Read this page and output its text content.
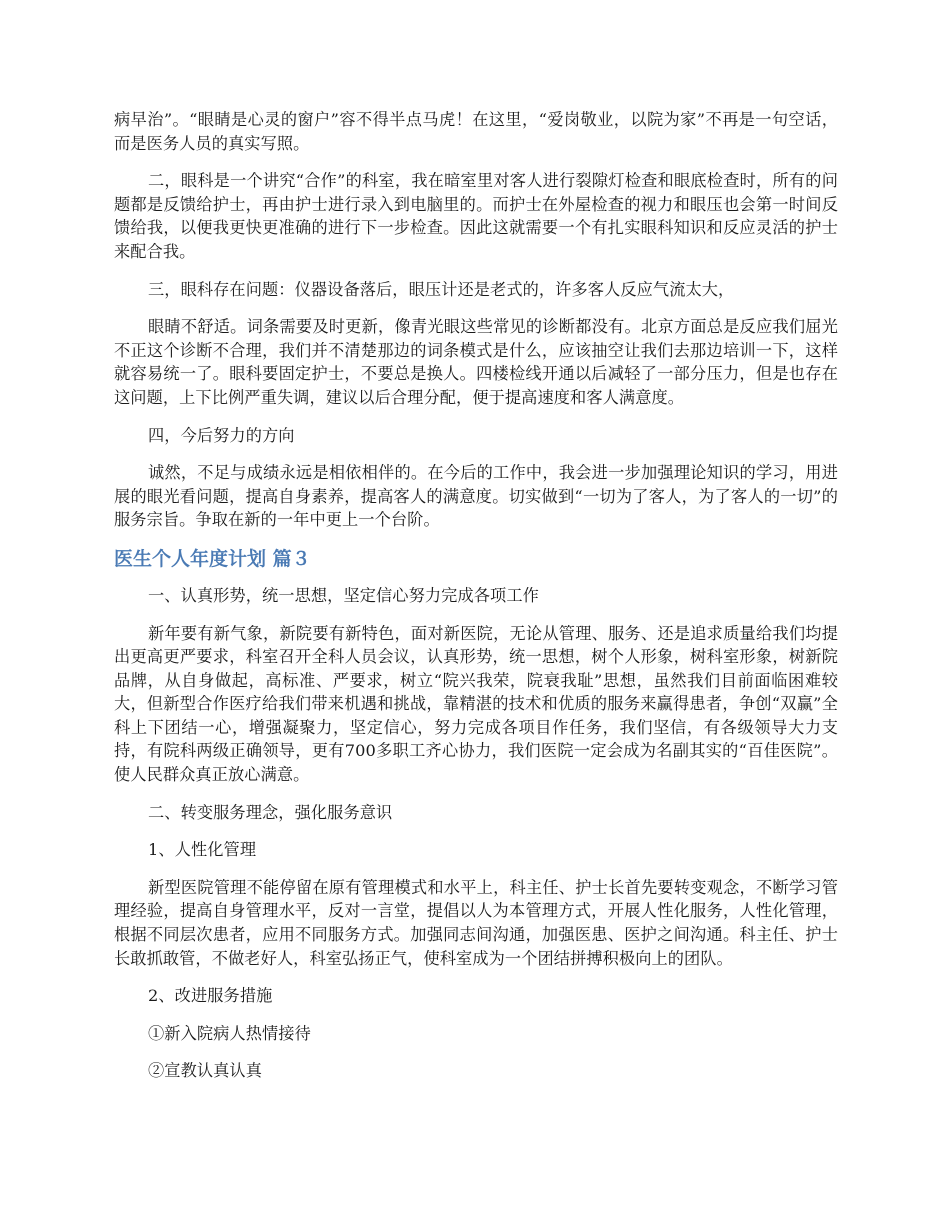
病早治”。“眼睛是心灵的窗户”容不得半点马虎！在这里，“爱岗敬业，以院为家”不再是一句空话，而是医务人员的真实写照。

二，眼科是一个讲究“合作”的科室，我在暗室里对客人进行裂隙灯检查和眼底检查时，所有的问题都是反馈给护士，再由护士进行录入到电脑里的。而护士在外屋检查的视力和眼压也会第一时间反馈给我，以便我更快更准确的进行下一步检查。因此这就需要一个有扎实眼科知识和反应灵活的护士来配合我。

三，眼科存在问题：仪器设备落后，眼压计还是老式的，许多客人反应气流太大，

眼睛不舒适。词条需要及时更新，像青光眼这些常见的诊断都没有。北京方面总是反应我们屈光不正这个诊断不合理，我们并不清楚那边的词条模式是什么，应该抽空让我们去那边培训一下，这样就容易统一了。眼科要固定护士，不要总是换人。四楼检线开通以后减轻了一部分压力，但是也存在这问题，上下比例严重失调，建议以后合理分配，便于提高速度和客人满意度。

四，今后努力的方向

诚然，不足与成绩永远是相依相伴的。在今后的工作中，我会进一步加强理论知识的学习，用进展的眼光看问题，提高自身素养，提高客人的满意度。切实做到“一切为了客人，为了客人的一切”的服务宗旨。争取在新的一年中更上一个台阶。

医生个人年度计划 篇３

一、认真形势，统一思想，坚定信心努力完成各项工作

新年要有新气象，新院要有新特色，面对新医院，无论从管理、服务、还是追求质量给我们均提出更高更严要求，科室召开全科人员会议，认真形势，统一思想，树个人形象，树科室形象，树新院品牌，从自身做起，高标准、严要求，树立“院兴我荣，院衰我耻”思想，虽然我们目前面临困难较大，但新型合作医疗给我们带来机遇和挑战，靠精湛的技术和优质的服务来赢得患者，争创“双赢”全科上下团结一心，增强凝聚力，坚定信心，努力完成各项目作任务，我们坚信，有各级领导大力支持，有院科两级正确领导，更有700多职工齐心协力，我们医院一定会成为名副其实的“百佳医院”。使人民群众真正放心满意。

二、转变服务理念，强化服务意识

1、人性化管理

新型医院管理不能停留在原有管理模式和水平上，科主任、护士长首先要转变观念，不断学习管理经验，提高自身管理水平，反对一言堂，提倡以人为本管理方式，开展人性化服务，人性化管理，根据不同层次患者，应用不同服务方式。加强同志间沟通，加强医患、医护之间沟通。科主任、护士长敢抓敢管，不做老好人，科室弘扬正气，使科室成为一个团结拼搏积极向上的团队。

2、改进服务措施

①新入院病人热情接待

②宣教认真认真
